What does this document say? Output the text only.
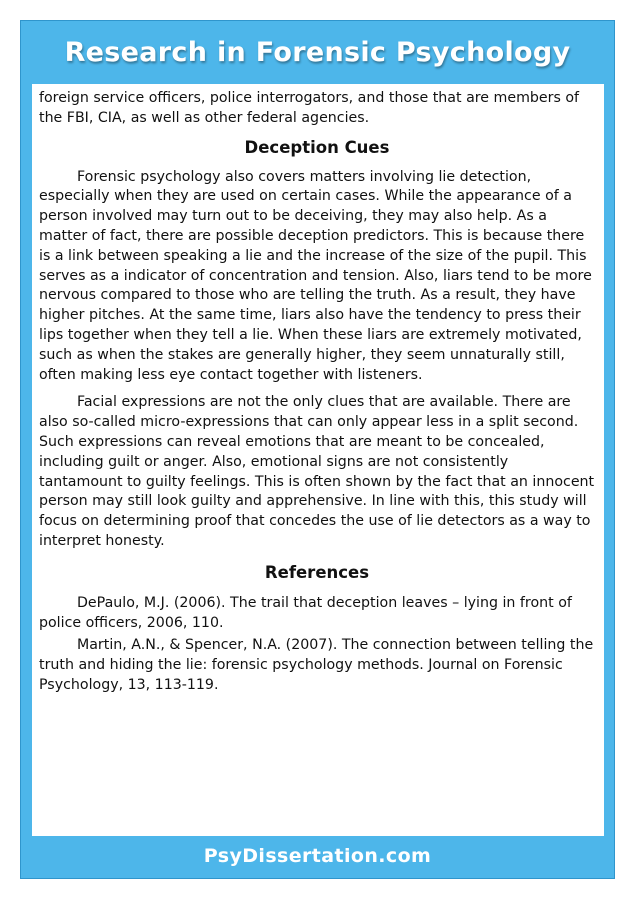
Research in Forensic Psychology

foreign service officers, police interrogators, and those that are members of the FBI, CIA, as well as other federal agencies.

Deception Cues

Forensic psychology also covers matters involving lie detection, especially when they are used on certain cases. While the appearance of a person involved may turn out to be deceiving, they may also help. As a matter of fact, there are possible deception predictors. This is because there is a link between speaking a lie and the increase of the size of the pupil. This serves as a indicator of concentration and tension. Also, liars tend to be more nervous compared to those who are telling the truth. As a result, they have higher pitches. At the same time, liars also have the tendency to press their lips together when they tell a lie. When these liars are extremely motivated, such as when the stakes are generally higher, they seem unnaturally still, often making less eye contact together with listeners.

Facial expressions are not the only clues that are available. There are also so-called micro-expressions that can only appear less in a split second. Such expressions can reveal emotions that are meant to be concealed, including guilt or anger. Also, emotional signs are not consistently tantamount to guilty feelings. This is often shown by the fact that an innocent person may still look guilty and apprehensive. In line with this, this study will focus on determining proof that concedes the use of lie detectors as a way to interpret honesty.

References

DePaulo, M.J. (2006). The trail that deception leaves – lying in front of police officers, 2006, 110.

Martin, A.N., & Spencer, N.A. (2007). The connection between telling the truth and hiding the lie: forensic psychology methods. Journal on Forensic Psychology, 13, 113-119.

PsyDissertation.com
